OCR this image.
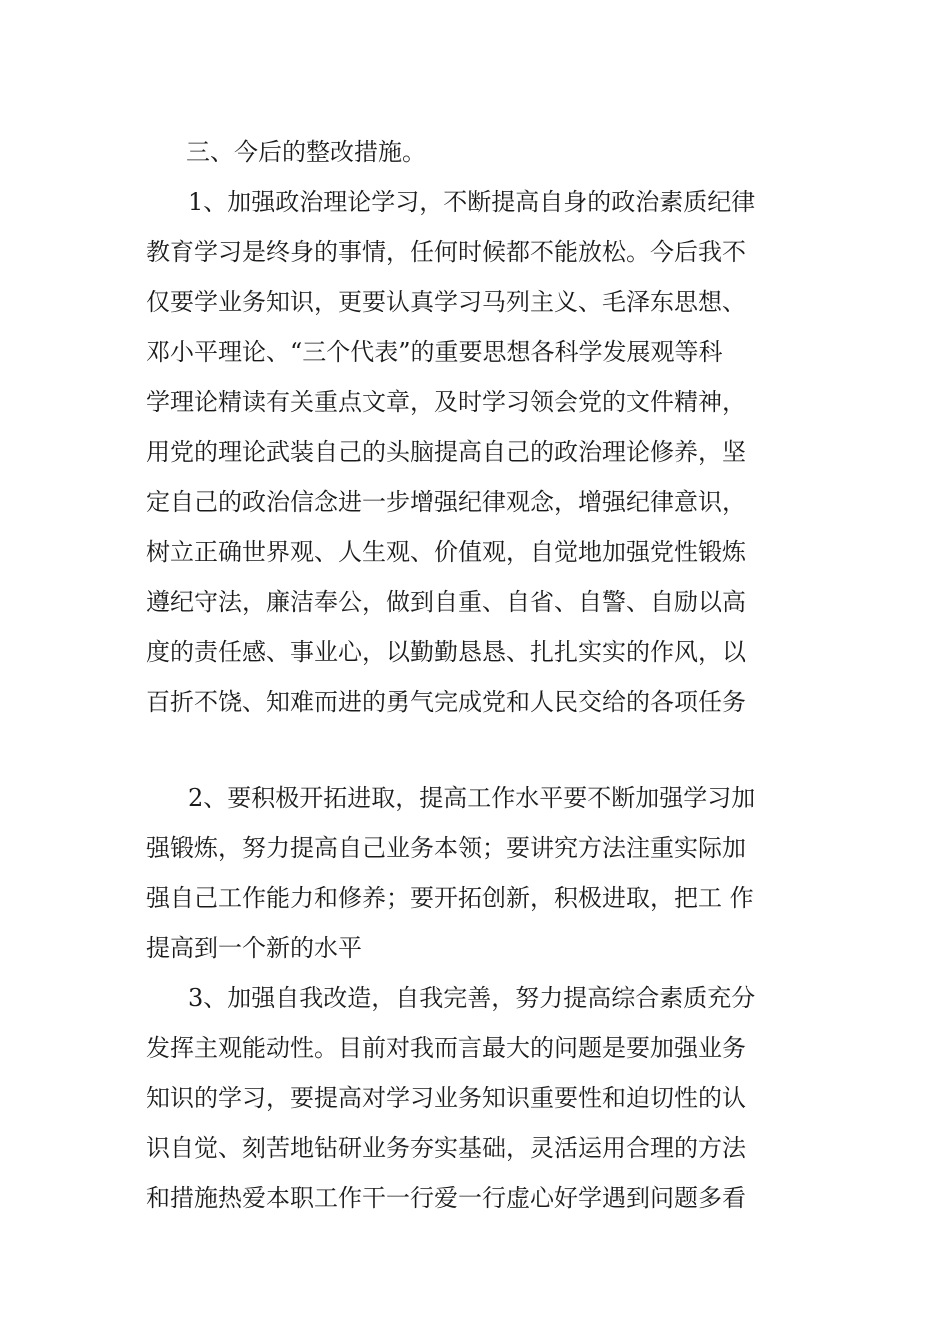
三、今后的整改措施。
1、加强政治理论学习，不断提高自身的政治素质纪律
教育学习是终身的事情，任何时候都不能放松。今后我不
仅要学业务知识，更要认真学习马列主义、毛泽东思想、
邓小平理论、“三个代表”的重要思想各科学发展观等科
学理论精读有关重点文章，及时学习领会党的文件精神，
用党的理论武装自己的头脑提高自己的政治理论修养，坚
定自己的政治信念进一步增强纪律观念，增强纪律意识，
树立正确世界观、人生观、价值观，自觉地加强党性锻炼
遵纪守法，廉洁奉公，做到自重、自省、自警、自励以高
度的责任感、事业心，以勤勤恳恳、扎扎实实的作风，以
百折不饶、知难而进的勇气完成党和人民交给的各项任务
2、要积极开拓进取，提高工作水平要不断加强学习加
强锻炼，努力提高自己业务本领；要讲究方法注重实际加
强自己工作能力和修养；要开拓创新，积极进取，把工 作
提高到一个新的水平
3、加强自我改造，自我完善，努力提高综合素质充分
发挥主观能动性。目前对我而言最大的问题是要加强业务
知识的学习，要提高对学习业务知识重要性和迫切性的认
识自觉、刻苦地钻研业务夯实基础，灵活运用合理的方法
和措施热爱本职工作干一行爱一行虚心好学遇到问题多看
